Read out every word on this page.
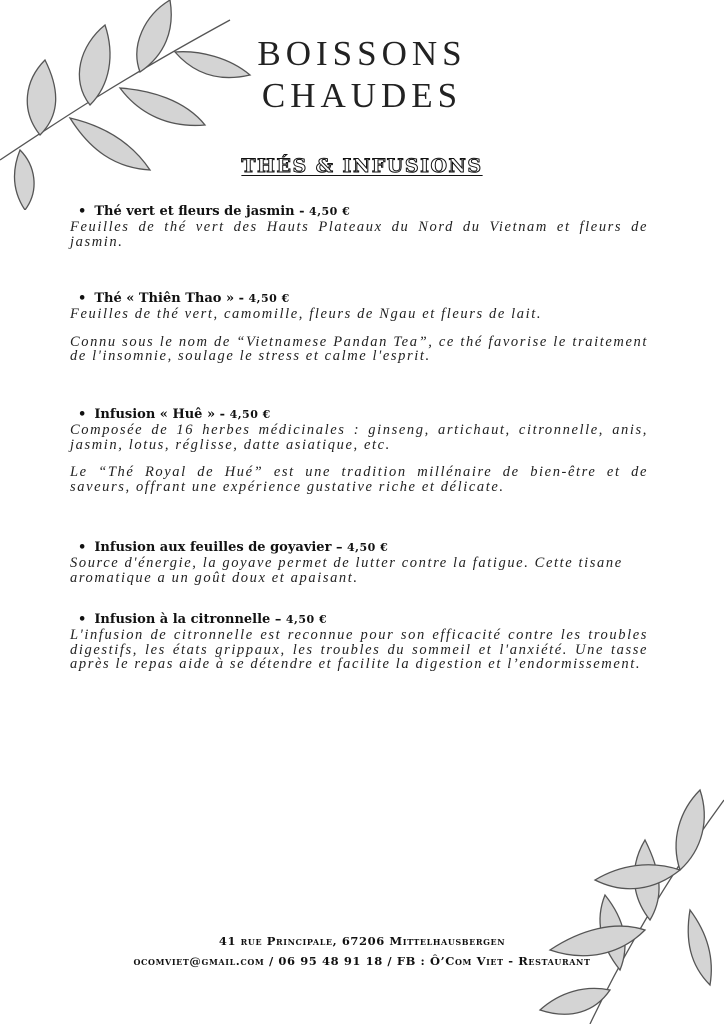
BOISSONS
CHAUDES
THÉS & INFUSIONS
• Thé vert et fleurs de jasmin - 4,50 €

Feuilles de thé vert des Hauts Plateaux du Nord du Vietnam et fleurs de jasmin.

• Thé « Thiên Thao » - 4,50 €

Feuilles de thé vert, camomille, fleurs de Ngau et fleurs de lait.

Connu sous le nom de “Vietnamese Pandan Tea”, ce thé favorise le traitement de l'insomnie, soulage le stress et calme l'esprit.

• Infusion « Huê » - 4,50 €

Composée de 16 herbes médicinales : ginseng, artichaut, citronnelle, anis, jasmin, lotus, réglisse, datte asiatique, etc.

Le “Thé Royal de Hué” est une tradition millénaire de bien-être et de saveurs, offrant une expérience gustative riche et délicate.

• Infusion aux feuilles de goyavier – 4,50 €

Source d'énergie, la goyave permet de lutter contre la fatigue. Cette tisane aromatique a un goût doux et apaisant.

• Infusion à la citronnelle – 4,50 €

L'infusion de citronnelle est reconnue pour son efficacité contre les troubles digestifs, les états grippaux, les troubles du sommeil et l'anxiété. Une tasse après le repas aide à se détendre et facilite la digestion et l’endormissement.

41 rue Principale, 67206 Mittelhausbergen
ocomviet@gmail.com / 06 95 48 91 18 / FB : Ô’Com Viet - Restaurant
